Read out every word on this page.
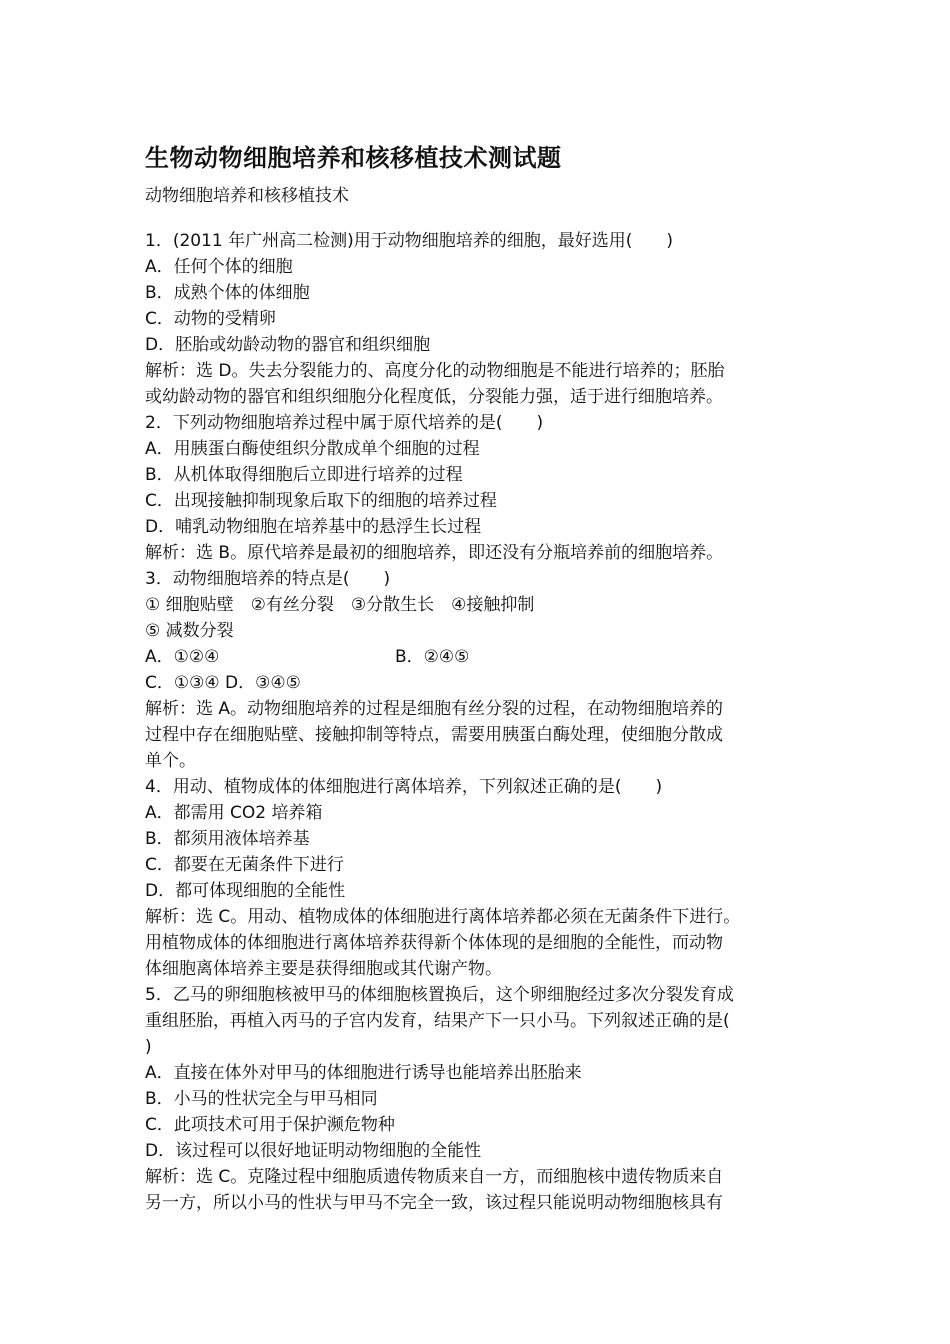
生物动物细胞培养和核移植技术测试题
动物细胞培养和核移植技术
1．(2011 年广州高二检测)用于动物细胞培养的细胞，最好选用(　　)
A．任何个体的细胞
B．成熟个体的体细胞
C．动物的受精卵
D．胚胎或幼龄动物的器官和组织细胞
解析：选 D。失去分裂能力的、高度分化的动物细胞是不能进行培养的；胚胎
或幼龄动物的器官和组织细胞分化程度低，分裂能力强，适于进行细胞培养。
2．下列动物细胞培养过程中属于原代培养的是(　　)
A．用胰蛋白酶使组织分散成单个细胞的过程
B．从机体取得细胞后立即进行培养的过程
C．出现接触抑制现象后取下的细胞的培养过程
D．哺乳动物细胞在培养基中的悬浮生长过程
解析：选 B。原代培养是最初的细胞培养，即还没有分瓶培养前的细胞培养。
3．动物细胞培养的特点是(　　)
① 细胞贴壁　②有丝分裂　③分散生长　④接触抑制
⑤ 减数分裂
A．①②④	B．②④⑤
C．①③④ D．③④⑤
解析：选 A。动物细胞培养的过程是细胞有丝分裂的过程，在动物细胞培养的
过程中存在细胞贴壁、接触抑制等特点，需要用胰蛋白酶处理，使细胞分散成
单个。
4．用动、植物成体的体细胞进行离体培养，下列叙述正确的是(　　)
A．都需用 CO2 培养箱
B．都须用液体培养基
C．都要在无菌条件下进行
D．都可体现细胞的全能性
解析：选 C。用动、植物成体的体细胞进行离体培养都必须在无菌条件下进行。
用植物成体的体细胞进行离体培养获得新个体体现的是细胞的全能性，而动物
体细胞离体培养主要是获得细胞或其代谢产物。
5．乙马的卵细胞核被甲马的体细胞核置换后，这个卵细胞经过多次分裂发育成
重组胚胎，再植入丙马的子宫内发育，结果产下一只小马。下列叙述正确的是(
)
A．直接在体外对甲马的体细胞进行诱导也能培养出胚胎来
B．小马的性状完全与甲马相同
C．此项技术可用于保护濒危物种
D．该过程可以很好地证明动物细胞的全能性
解析：选 C。克隆过程中细胞质遗传物质来自一方，而细胞核中遗传物质来自
另一方，所以小马的性状与甲马不完全一致，该过程只能说明动物细胞核具有
